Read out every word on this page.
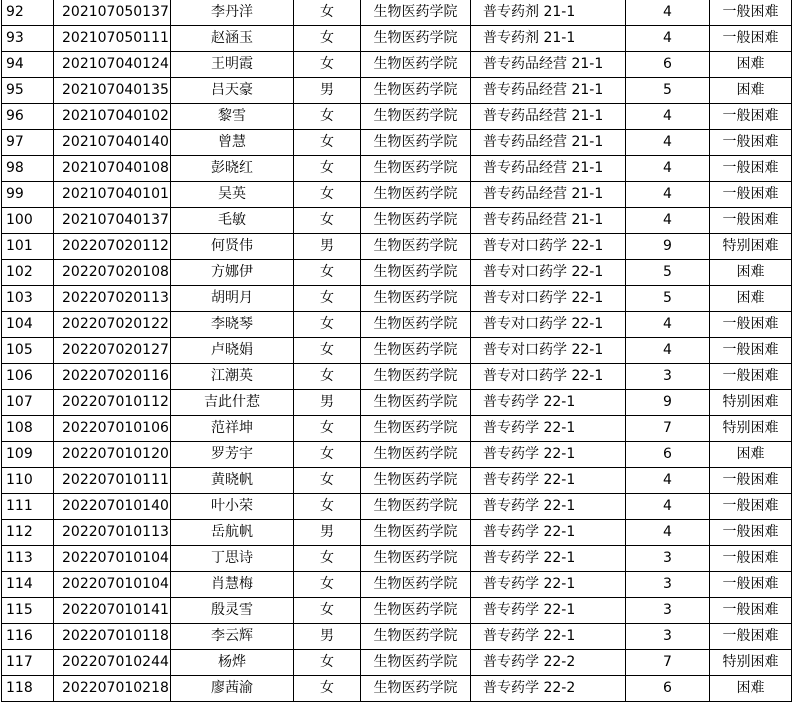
92	202107050137	李丹洋	女	生物医药学院	普专药剂 21-1	4	一般困难
93	202107050111	赵涵玉	女	生物医药学院	普专药剂 21-1	4	一般困难
94	202107040124	王明霞	女	生物医药学院	普专药品经营 21-1	6	困难
95	202107040135	吕天豪	男	生物医药学院	普专药品经营 21-1	5	困难
96	202107040102	黎雪	女	生物医药学院	普专药品经营 21-1	4	一般困难
97	202107040140	曾慧	女	生物医药学院	普专药品经营 21-1	4	一般困难
98	202107040108	彭晓红	女	生物医药学院	普专药品经营 21-1	4	一般困难
99	202107040101	吴英	女	生物医药学院	普专药品经营 21-1	4	一般困难
100	202107040137	毛敏	女	生物医药学院	普专药品经营 21-1	4	一般困难
101	202207020112	何贤伟	男	生物医药学院	普专对口药学 22-1	9	特别困难
102	202207020108	方娜伊	女	生物医药学院	普专对口药学 22-1	5	困难
103	202207020113	胡明月	女	生物医药学院	普专对口药学 22-1	5	困难
104	202207020122	李晓琴	女	生物医药学院	普专对口药学 22-1	4	一般困难
105	202207020127	卢晓娟	女	生物医药学院	普专对口药学 22-1	4	一般困难
106	202207020116	江潮英	女	生物医药学院	普专对口药学 22-1	3	一般困难
107	202207010112	吉此什惹	男	生物医药学院	普专药学 22-1	9	特别困难
108	202207010106	范祥坤	女	生物医药学院	普专药学 22-1	7	特别困难
109	202207010120	罗芳宇	女	生物医药学院	普专药学 22-1	6	困难
110	202207010111	黄晓帆	女	生物医药学院	普专药学 22-1	4	一般困难
111	202207010140	叶小荣	女	生物医药学院	普专药学 22-1	4	一般困难
112	202207010113	岳航帆	男	生物医药学院	普专药学 22-1	4	一般困难
113	202207010104	丁思诗	女	生物医药学院	普专药学 22-1	3	一般困难
114	202207010104	肖慧梅	女	生物医药学院	普专药学 22-1	3	一般困难
115	202207010141	殷灵雪	女	生物医药学院	普专药学 22-1	3	一般困难
116	202207010118	李云辉	男	生物医药学院	普专药学 22-1	3	一般困难
117	202207010244	杨烨	女	生物医药学院	普专药学 22-2	7	特别困难
118	202207010218	廖茜渝	女	生物医药学院	普专药学 22-2	6	困难
